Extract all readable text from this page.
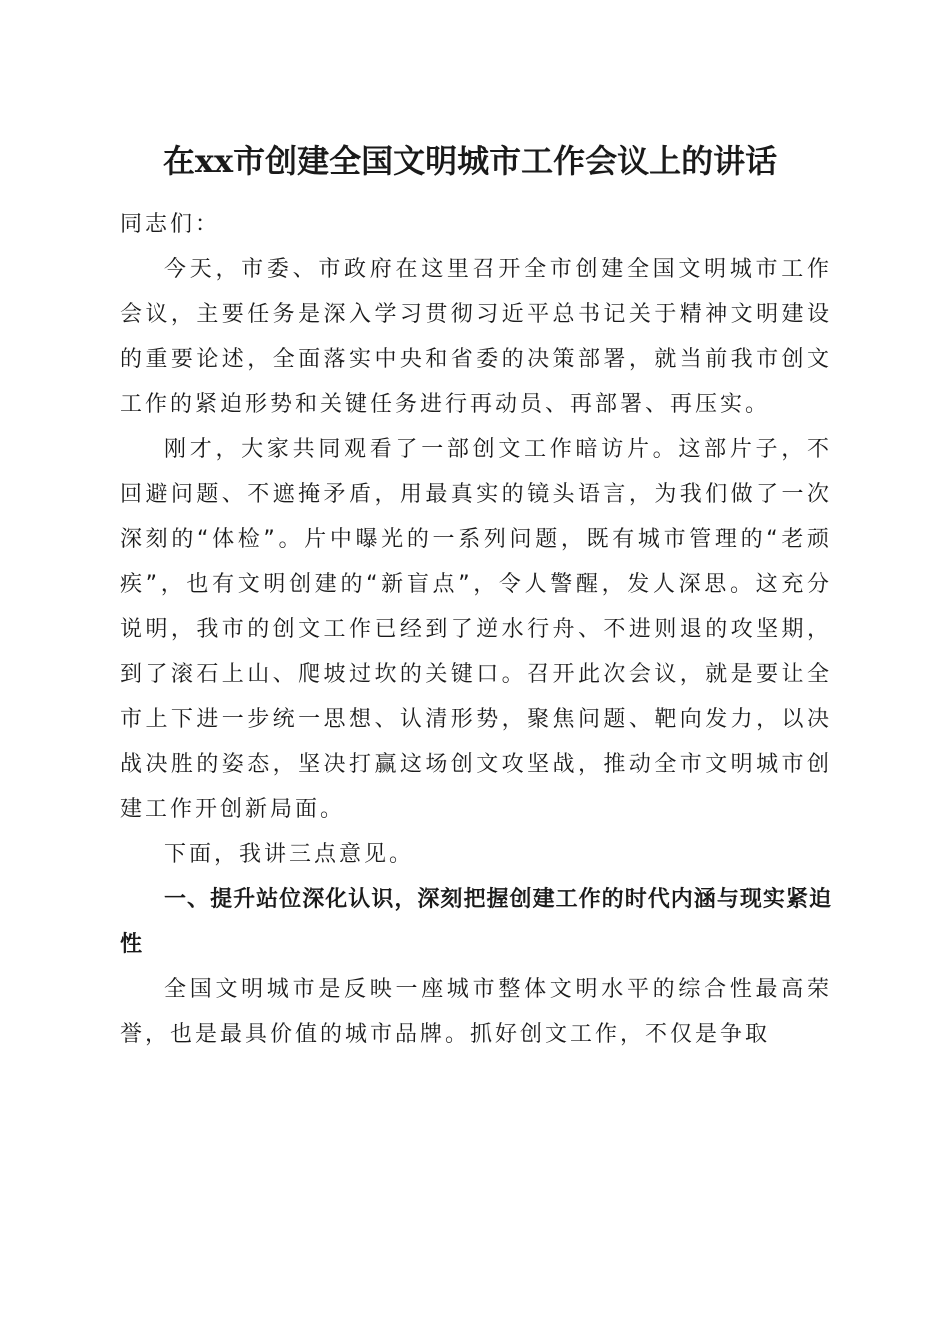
在xx市创建全国文明城市工作会议上的讲话

同志们：

今天，市委、市政府在这里召开全市创建全国文明城市工作会议，主要任务是深入学习贯彻习近平总书记关于精神文明建设的重要论述，全面落实中央和省委的决策部署，就当前我市创文工作的紧迫形势和关键任务进行再动员、再部署、再压实。

刚才，大家共同观看了一部创文工作暗访片。这部片子，不回避问题、不遮掩矛盾，用最真实的镜头语言，为我们做了一次深刻的“体检”。片中曝光的一系列问题，既有城市管理的“老顽疾”，也有文明创建的“新盲点”，令人警醒，发人深思。这充分说明，我市的创文工作已经到了逆水行舟、不进则退的攻坚期，到了滚石上山、爬坡过坎的关键口。召开此次会议，就是要让全市上下进一步统一思想、认清形势，聚焦问题、靶向发力，以决战决胜的姿态，坚决打赢这场创文攻坚战，推动全市文明城市创建工作开创新局面。

下面，我讲三点意见。

一、提升站位深化认识，深刻把握创建工作的时代内涵与现实紧迫性

全国文明城市是反映一座城市整体文明水平的综合性最高荣誉，也是最具价值的城市品牌。抓好创文工作，不仅是争取
